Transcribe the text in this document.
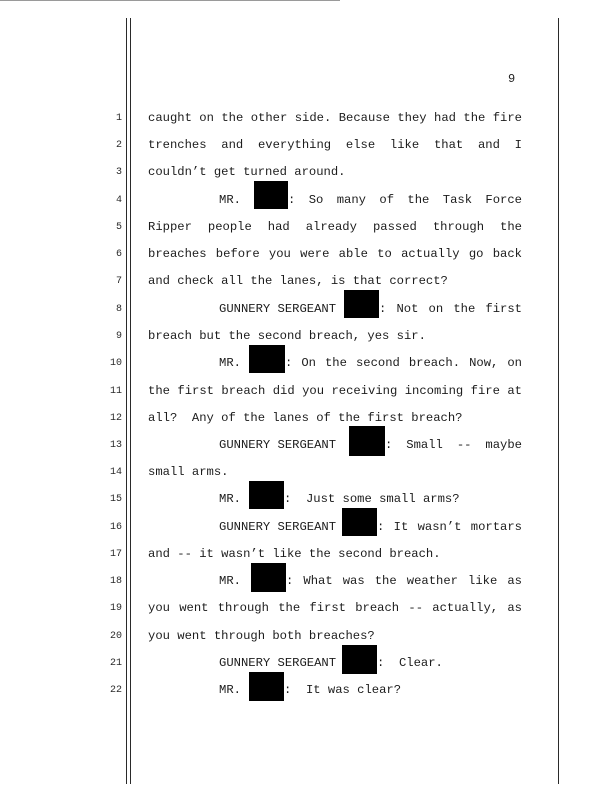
9
1
2
3
4
5
6
7
8
9
10
11
12
13
14
15
16
17
18
19
20
21
22
caught on the other side. Because they had the fire
trenches and everything else like that and I
couldn’t get turned around.
MR.	: So many of the Task Force
Ripper people had already passed through the
breaches before you were able to actually go back
and check all the lanes, is that correct?
GUNNERY SERGEANT	: Not on the first
breach but the second breach, yes sir.
MR.	: On the second breach. Now, on
the first breach did you receiving incoming fire at
all?  Any of the lanes of the first breach?
GUNNERY SERGEANT	: Small -- maybe
small arms.
MR.	:  Just some small arms?
GUNNERY SERGEANT	: It wasn’t mortars
and -- it wasn’t like the second breach.
MR.	: What was the weather like as
you went through the first breach -- actually, as
you went through both breaches?
GUNNERY SERGEANT	:  Clear.
MR.	:  It was clear?
